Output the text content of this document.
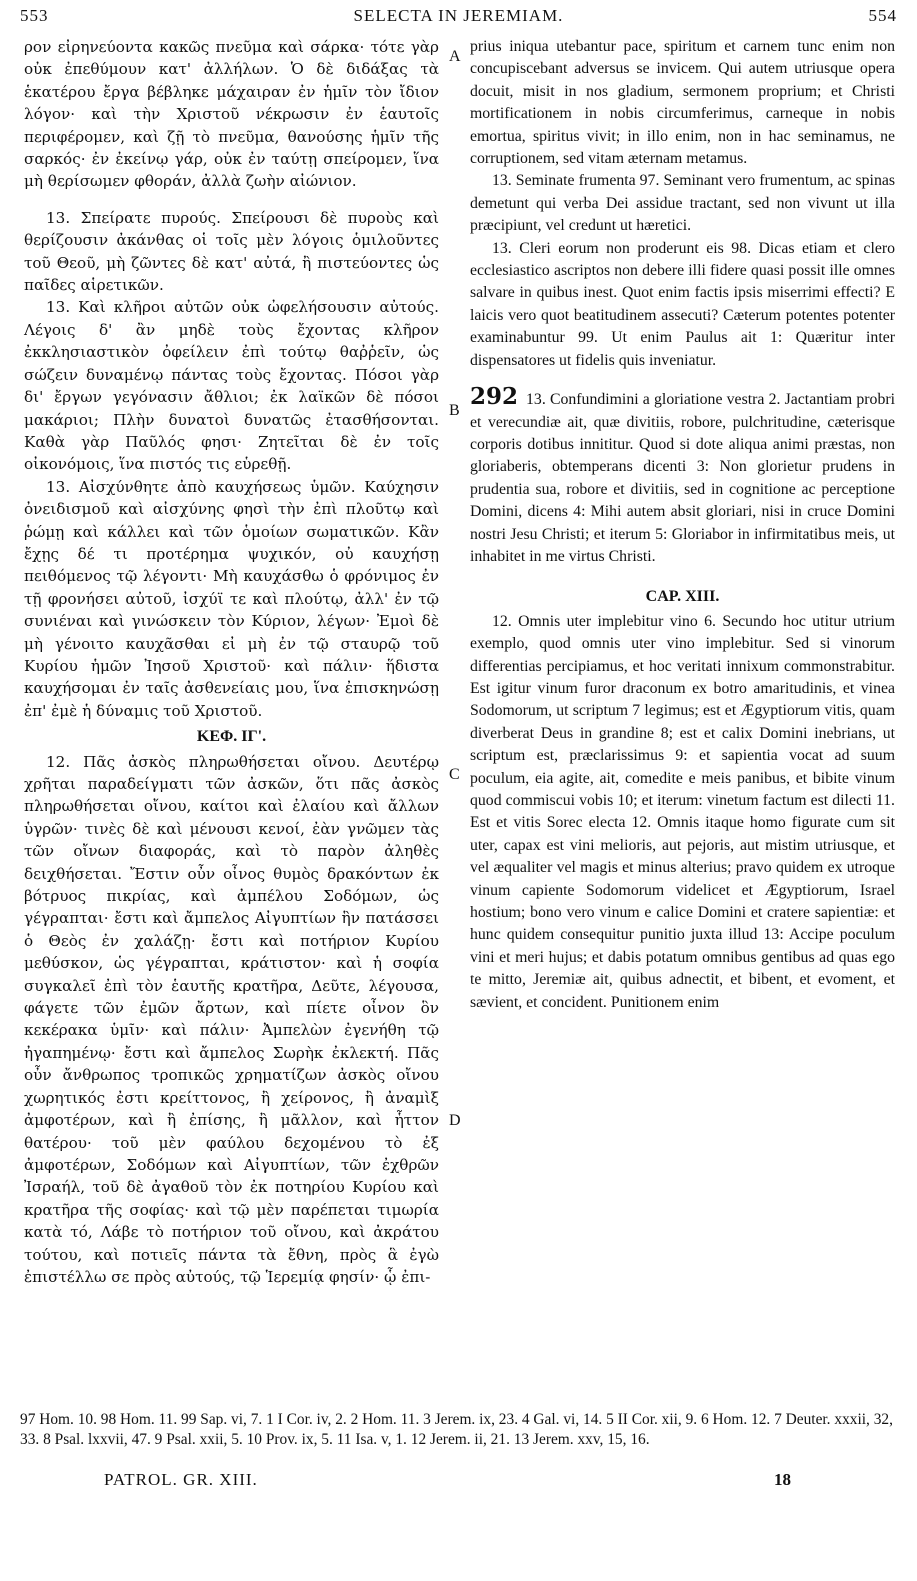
553	SELECTA IN JEREMIAM.	554

ρον εἰρηνεύοντα κακῶς πνεῦμα καὶ σάρκα· τότε γὰρ οὐκ ἐπεθύμουν κατ' ἀλλήλων. Ὁ δὲ διδάξας τὰ ἑκατέρου ἔργα βέβληκε μάχαιραν ἐν ἡμῖν τὸν ἴδιον λόγον· καὶ τὴν Χριστοῦ νέκρωσιν ἐν ἑαυτοῖς περιφέρομεν, καὶ ζῇ τὸ πνεῦμα, θανούσης ἡμῖν τῆς σαρκός· ἐν ἐκείνῳ γάρ, οὐκ ἐν ταύτῃ σπείρομεν, ἵνα μὴ θερίσωμεν φθοράν, ἀλλὰ ζωὴν αἰώνιον.

13. Σπείρατε πυρούς. Σπείρουσι δὲ πυροὺς καὶ θερίζουσιν ἀκάνθας οἱ τοῖς μὲν λόγοις ὁμιλοῦντες τοῦ Θεοῦ, μὴ ζῶντες δὲ κατ' αὐτά, ἢ πιστεύοντες ὡς παῖδες αἱρετικῶν.

13. Καὶ κλῆροι αὐτῶν οὐκ ὠφελήσουσιν αὐτούς. Λέγοις δ' ἂν μηδὲ τοὺς ἔχοντας κλῆρον ἐκκλησιαστικὸν ὀφείλειν ἐπὶ τούτῳ θαῤῥεῖν, ὡς σώζειν δυναμένῳ πάντας τοὺς ἔχοντας. Πόσοι γὰρ δι' ἔργων γεγόνασιν ἄθλιοι; ἐκ λαϊκῶν δὲ πόσοι μακάριοι; Πλὴν δυνατοὶ δυνατῶς ἐτασθήσονται. Καθὰ γὰρ Παῦλός φησι· Ζητεῖται δὲ ἐν τοῖς οἰκονόμοις, ἵνα πιστός τις εὑρεθῇ.

13. Αἰσχύνθητε ἀπὸ καυχήσεως ὑμῶν. Καύχησιν ὀνειδισμοῦ καὶ αἰσχύνης φησὶ τὴν ἐπὶ πλοῦτῳ καὶ ῥώμῃ καὶ κάλλει καὶ τῶν ὁμοίων σωματικῶν. Κἂν ἔχῃς δέ τι προτέρημα ψυχικόν, οὐ καυχήσῃ πειθόμενος τῷ λέγοντι· Μὴ καυχάσθω ὁ φρόνιμος ἐν τῇ φρονήσει αὐτοῦ, ἰσχύϊ τε καὶ πλούτῳ, ἀλλ' ἐν τῷ συνιέναι καὶ γινώσκειν τὸν Κύριον, λέγων· Ἐμοὶ δὲ μὴ γένοιτο καυχᾶσθαι εἰ μὴ ἐν τῷ σταυρῷ τοῦ Κυρίου ἡμῶν Ἰησοῦ Χριστοῦ· καὶ πάλιν· ἥδιστα καυχήσομαι ἐν ταῖς ἀσθενείαις μου, ἵνα ἐπισκηνώσῃ ἐπ' ἐμὲ ἡ δύναμις τοῦ Χριστοῦ.

ΚΕΦ. ΙΓ'.

12. Πᾶς ἀσκὸς πληρωθήσεται οἴνου. Δευτέρῳ χρῆται παραδείγματι τῶν ἀσκῶν, ὅτι πᾶς ἀσκὸς πληρωθήσεται οἴνου, καίτοι καὶ ἐλαίου καὶ ἄλλων ὑγρῶν· τινὲς δὲ καὶ μένουσι κενοί, ἐὰν γνῶμεν τὰς τῶν οἴνων διαφοράς, καὶ τὸ παρὸν ἀληθὲς δειχθήσεται. Ἔστιν οὖν οἶνος θυμὸς δρακόντων ἐκ βότρυος πικρίας, καὶ ἀμπέλου Σοδόμων, ὡς γέγραπται· ἔστι καὶ ἄμπελος Αἰγυπτίων ἣν πατάσσει ὁ Θεὸς ἐν χαλάζῃ· ἔστι καὶ ποτήριον Κυρίου μεθύσκον, ὡς γέγραπται, κράτιστον· καὶ ἡ σοφία συγκαλεῖ ἐπὶ τὸν ἑαυτῆς κρατῆρα, Δεῦτε, λέγουσα, φάγετε τῶν ἐμῶν ἄρτων, καὶ πίετε οἶνον ὃν κεκέρακα ὑμῖν· καὶ πάλιν· Ἀμπελὼν ἐγενήθη τῷ ἠγαπημένῳ· ἔστι καὶ ἄμπελος Σωρὴκ ἐκλεκτή. Πᾶς οὖν ἄνθρωπος τροπικῶς χρηματίζων ἀσκὸς οἴνου χωρητικός ἐστι κρείττονος, ἢ χείρονος, ἢ ἀναμὶξ ἀμφοτέρων, καὶ ἢ ἐπίσης, ἢ μᾶλλον, καὶ ἧττον θατέρου· τοῦ μὲν φαύλου δεχομένου τὸ ἐξ ἀμφοτέρων, Σοδόμων καὶ Αἰγυπτίων, τῶν ἐχθρῶν Ἰσραήλ, τοῦ δὲ ἀγαθοῦ τὸν ἐκ ποτηρίου Κυρίου καὶ κρατῆρα τῆς σοφίας· καὶ τῷ μὲν παρέπεται τιμωρία κατὰ τό, Λάβε τὸ ποτήριον τοῦ οἴνου, καὶ ἀκράτου τούτου, καὶ ποτιεῖς πάντα τὰ ἔθνη, πρὸς ἃ ἐγὼ ἐπιστέλλω σε πρὸς αὐτούς, τῷ Ἱερεμίᾳ φησίν· ᾧ ἐπι-

A
B
C
D

prius iniqua utebantur pace, spiritum et carnem tunc enim non concupiscebant adversus se invicem. Qui autem utriusque opera docuit, misit in nos gladium, sermonem proprium; et Christi mortificationem in nobis circumferimus, carneque in nobis emortua, spiritus vivit; in illo enim, non in hac seminamus, ne corruptionem, sed vitam æternam metamus.

13. Seminate frumenta 97. Seminant vero frumentum, ac spinas demetunt qui verba Dei assidue tractant, sed non vivunt ut illa præcipiunt, vel credunt ut hæretici.

13. Cleri eorum non proderunt eis 98. Dicas etiam et clero ecclesiastico ascriptos non debere illi fidere quasi possit ille omnes salvare in quibus inest. Quot enim factis ipsis miserrimi effecti? E laicis vero quot beatitudinem assecuti? Cæterum potentes potenter examinabuntur 99. Ut enim Paulus ait 1: Quæritur inter dispensatores ut fidelis quis inveniatur.

292 13. Confundimini a gloriatione vestra 2. Jactantiam probri et verecundiæ ait, quæ divitiis, robore, pulchritudine, cæterisque corporis dotibus innititur. Quod si dote aliqua animi præstas, non gloriaberis, obtemperans dicenti 3: Non glorietur prudens in prudentia sua, robore et divitiis, sed in cognitione ac perceptione Domini, dicens 4: Mihi autem absit gloriari, nisi in cruce Domini nostri Jesu Christi; et iterum 5: Gloriabor in infirmitatibus meis, ut inhabitet in me virtus Christi.

CAP. XIII.

12. Omnis uter implebitur vino 6. Secundo hoc utitur utrium exemplo, quod omnis uter vino implebitur. Sed si vinorum differentias percipiamus, et hoc veritati innixum commonstrabitur. Est igitur vinum furor draconum ex botro amaritudinis, et vinea Sodomorum, ut scriptum 7 legimus; est et Ægyptiorum vitis, quam diverberat Deus in grandine 8; est et calix Domini inebrians, ut scriptum est, præclarissimus 9: et sapientia vocat ad suum poculum, eia agite, ait, comedite e meis panibus, et bibite vinum quod commiscui vobis 10; et iterum: vinetum factum est dilecti 11. Est et vitis Sorec electa 12. Omnis itaque homo figurate cum sit uter, capax est vini melioris, aut pejoris, aut mistim utriusque, et vel æqualiter vel magis et minus alterius; pravo quidem ex utroque vinum capiente Sodomorum videlicet et Ægyptiorum, Israel hostium; bono vero vinum e calice Domini et cratere sapientiæ: et hunc quidem consequitur punitio juxta illud 13: Accipe poculum vini et meri hujus; et dabis potatum omnibus gentibus ad quas ego te mitto, Jeremiæ ait, quibus adnectit, et bibent, et evoment, et sævient, et concident. Punitionem enim

97 Hom. 10. 98 Hom. 11. 99 Sap. vi, 7. 1 I Cor. iv, 2. 2 Hom. 11. 3 Jerem. ix, 23. 4 Gal. vi, 14. 5 II Cor. xii, 9. 6 Hom. 12. 7 Deuter. xxxii, 32, 33. 8 Psal. lxxvii, 47. 9 Psal. xxii, 5. 10 Prov. ix, 5. 11 Isa. v, 1. 12 Jerem. ii, 21. 13 Jerem. xxv, 15, 16.
PATROL. GR. XIII.	18
